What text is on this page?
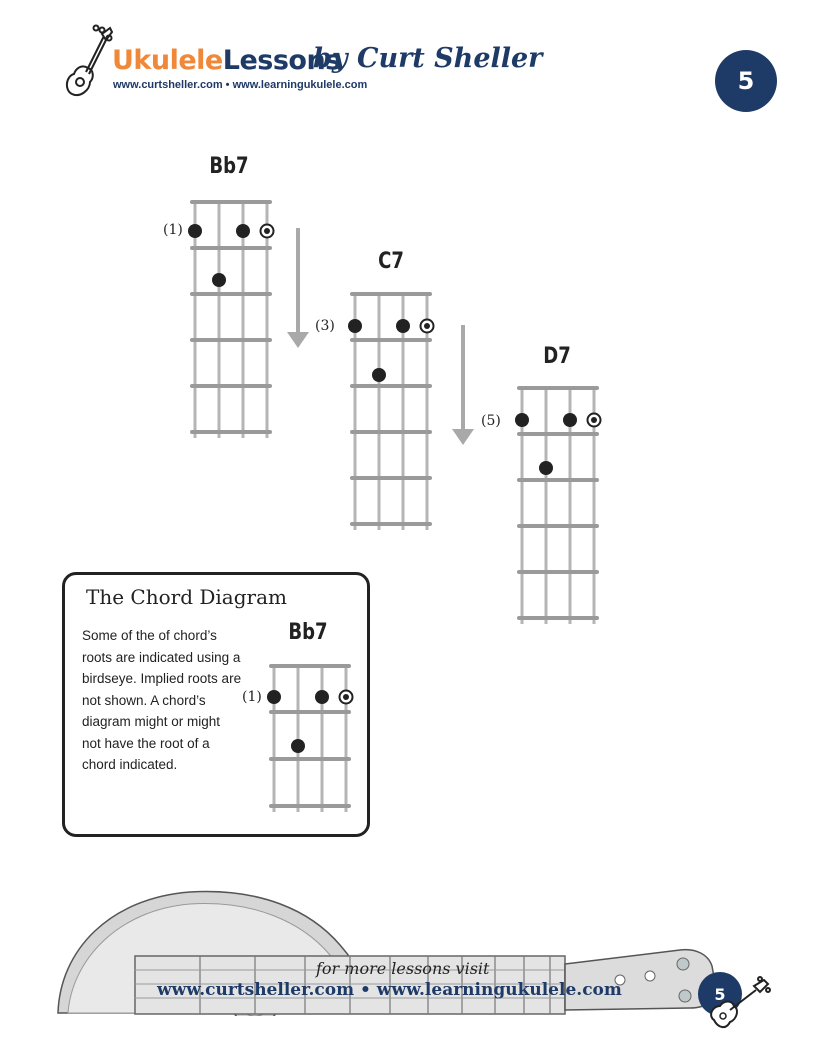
UkuleleLessons
by Curt Sheller
www.curtsheller.com • www.learningukulele.com	5
Bb7
(1)
C7
(3)
D7
(5)
The Chord Diagram
Some of the of chord’s roots are indicated using a birdseye. Implied roots are not shown. A chord’s diagram might or might not have the root of a chord indicated.
Bb7
(1)
for more lessons visit
www.curtsheller.com • www.learningukulele.com	5
